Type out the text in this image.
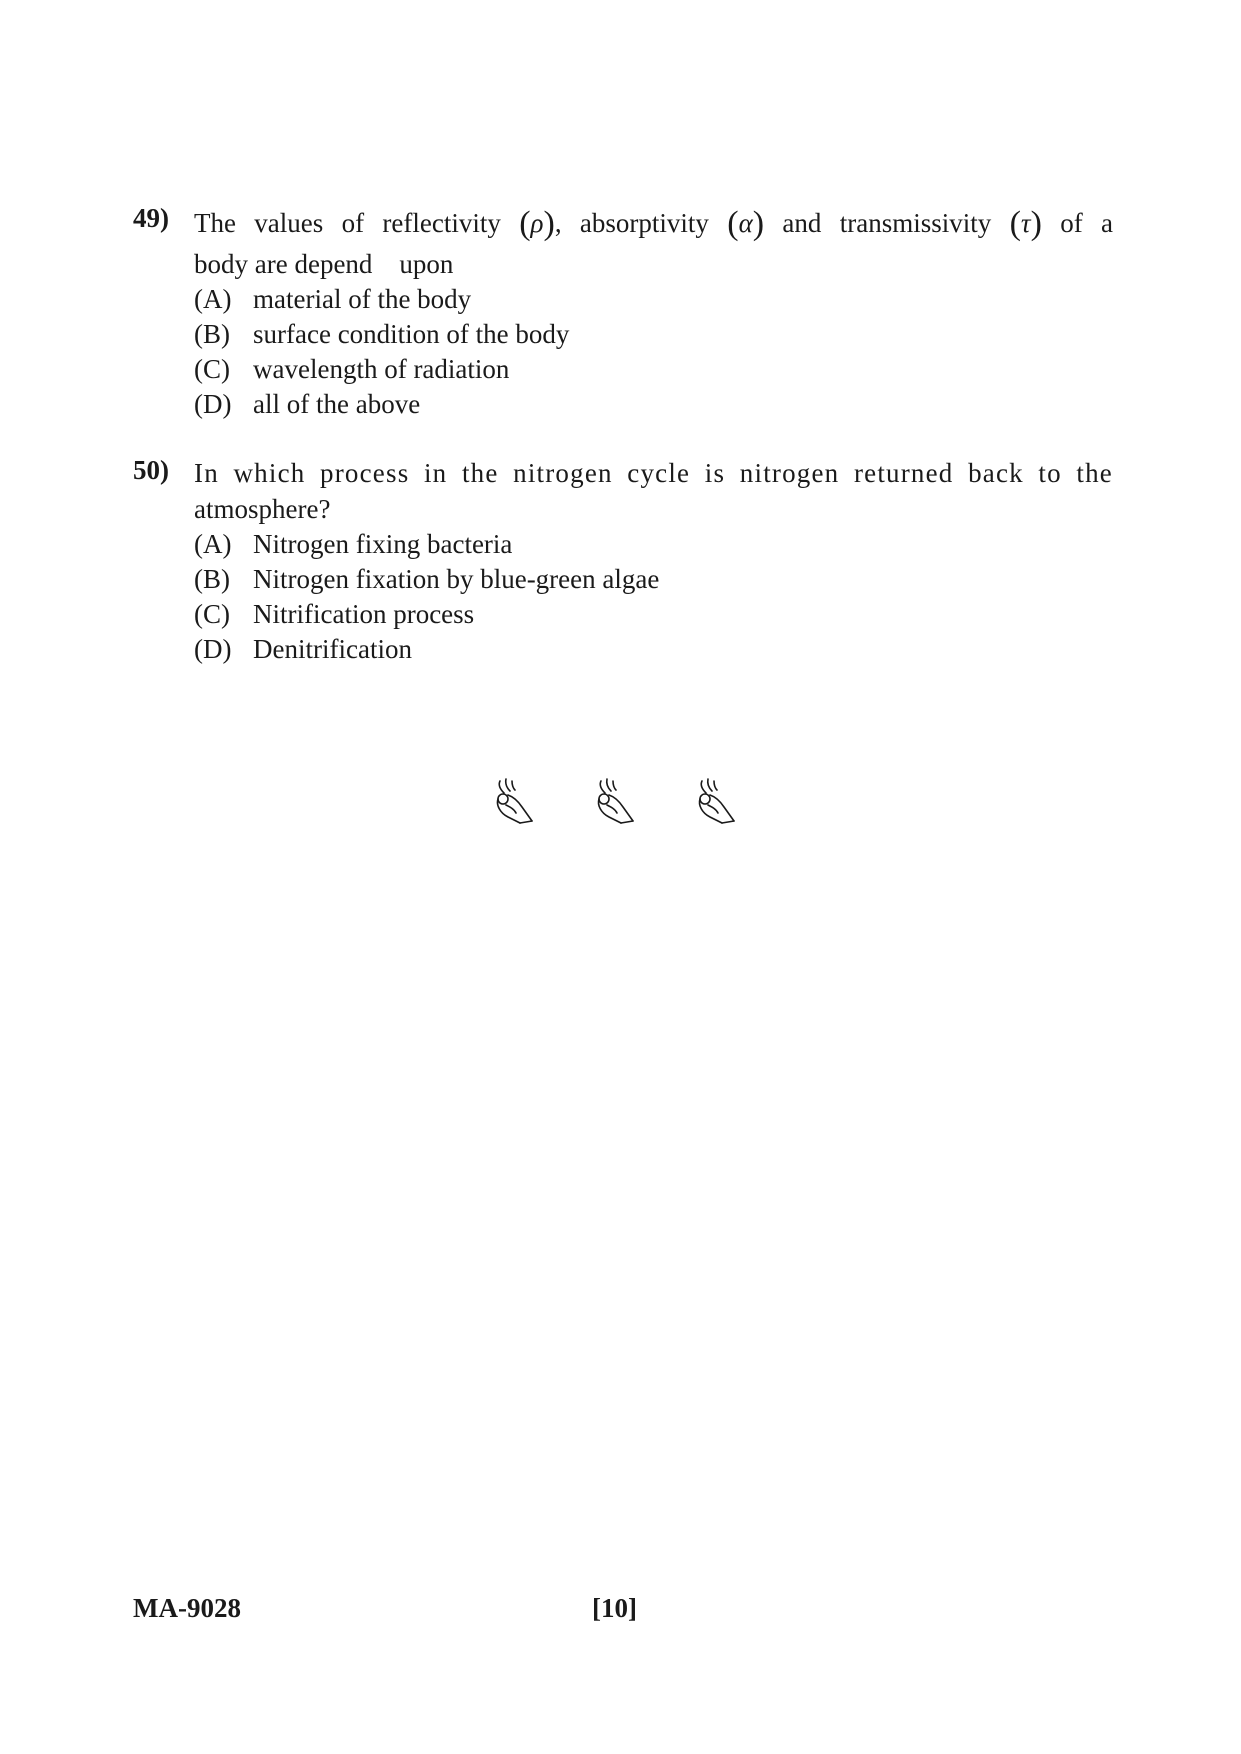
49) The values of reflectivity (ρ), absorptivity (α) and transmissivity (τ) of a
body are depend    upon
(A) material of the body
(B) surface condition of the body
(C) wavelength of radiation
(D) all of the above
50) In which process in the nitrogen cycle is nitrogen returned back to the
atmosphere?
(A) Nitrogen fixing bacteria
(B) Nitrogen fixation by blue-green algae
(C) Nitrification process
(D) Denitrification
MA-9028	[10]
